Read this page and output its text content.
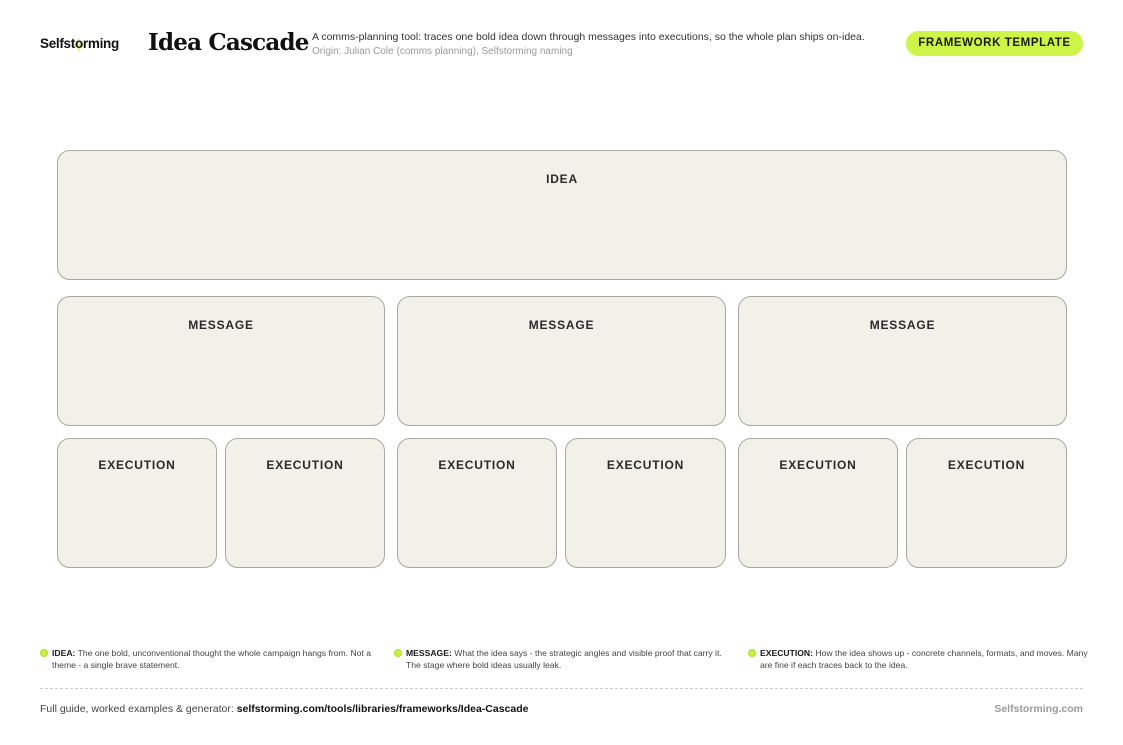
Selfstorming Idea Cascade A comms-planning tool: traces one bold idea down through messages into executions, so the whole plan ships on-idea.
Origin: Julian Cole (comms planning), Selfstorming naming
FRAMEWORK TEMPLATE
IDEA
MESSAGE	MESSAGE	MESSAGE
EXECUTION	EXECUTION	EXECUTION	EXECUTION	EXECUTION	EXECUTION
IDEA: The one bold, unconventional thought the whole campaign hangs from. Not a theme - a single brave statement.
MESSAGE: What the idea says - the strategic angles and visible proof that carry it. The stage where bold ideas usually leak.
EXECUTION: How the idea shows up - concrete channels, formats, and moves. Many are fine if each traces back to the idea.
Full guide, worked examples & generator: selfstorming.com/tools/libraries/frameworks/Idea-Cascade	Selfstorming.com
